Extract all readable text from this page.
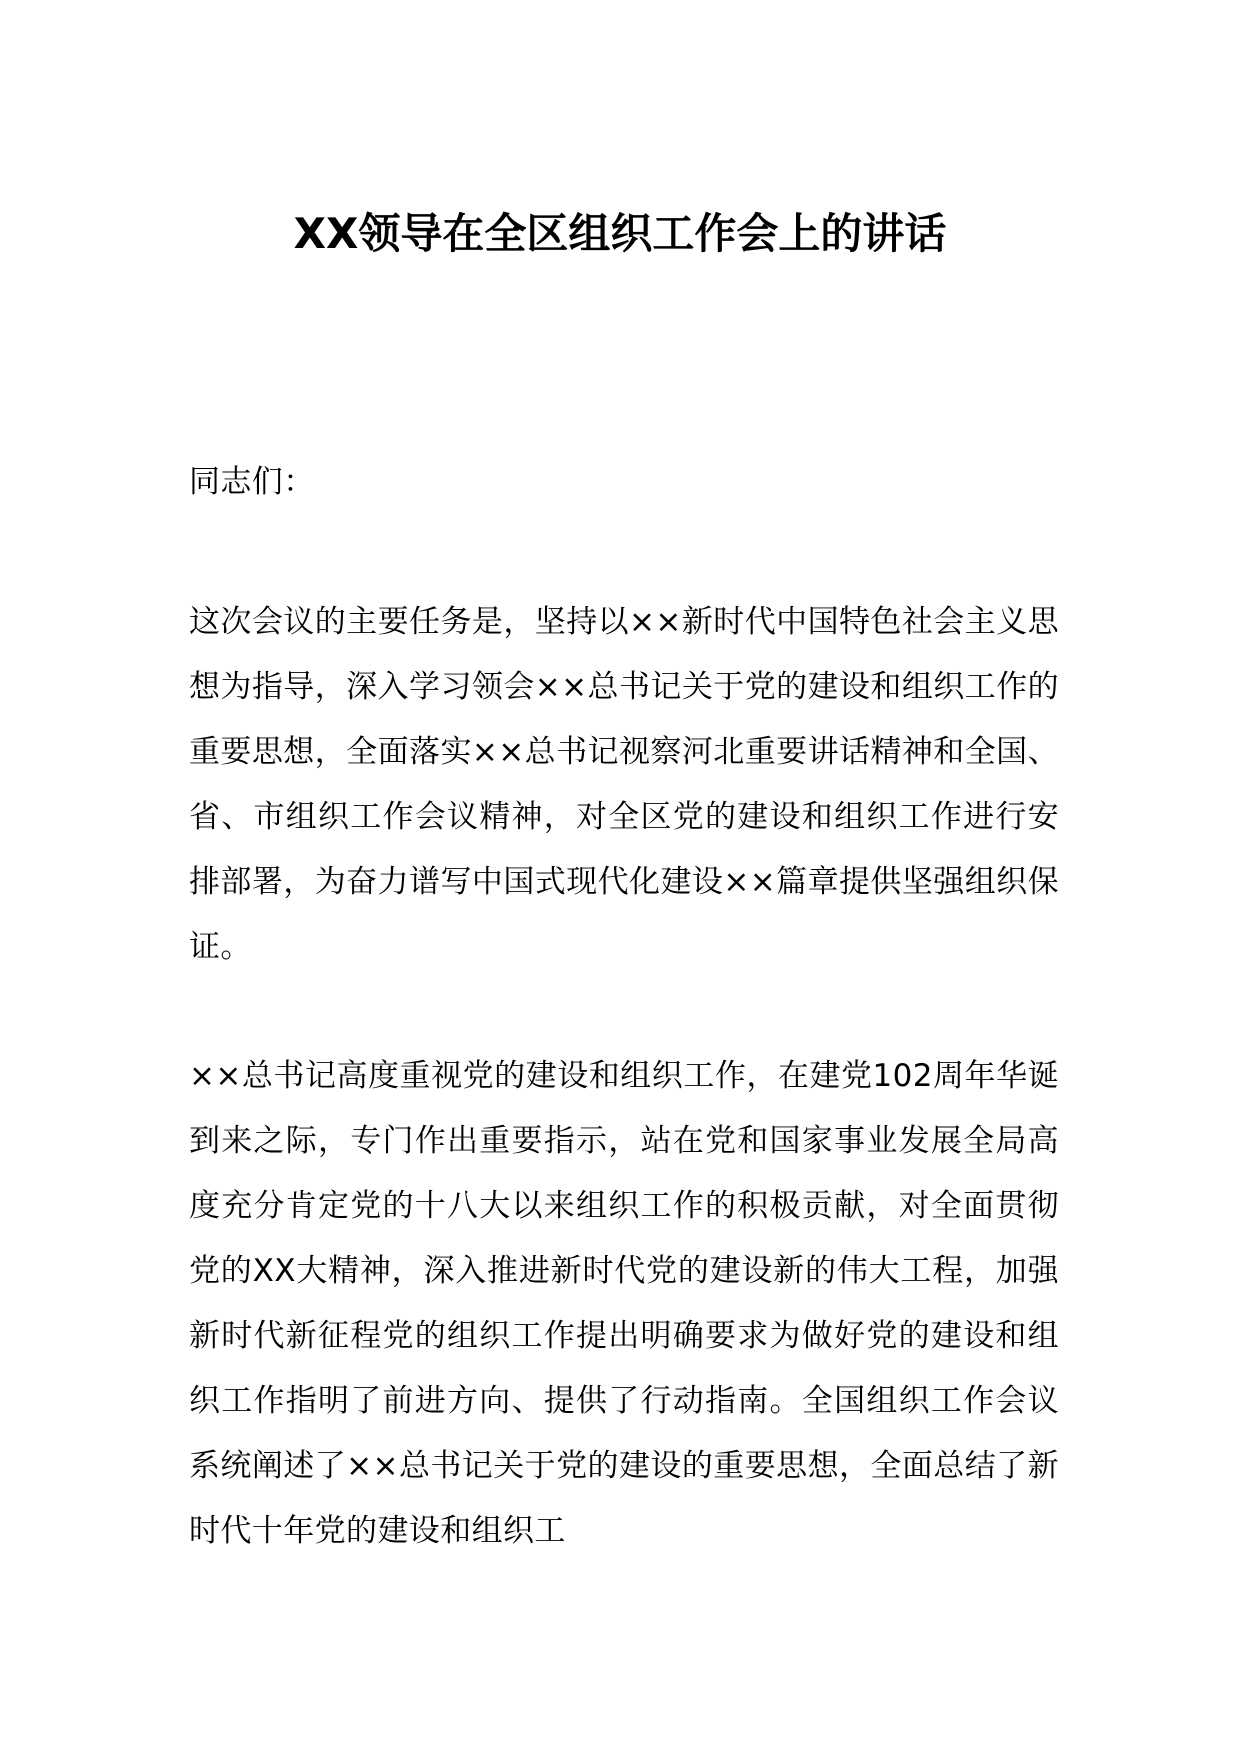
XX领导在全区组织工作会上的讲话

同志们：

这次会议的主要任务是，坚持以××新时代中国特色社会主义思想为指导，深入学习领会××总书记关于党的建设和组织工作的重要思想，全面落实××总书记视察河北重要讲话精神和全国、省、市组织工作会议精神，对全区党的建设和组织工作进行安排部署，为奋力谱写中国式现代化建设××篇章提供坚强组织保证。

××总书记高度重视党的建设和组织工作，在建党102周年华诞到来之际，专门作出重要指示，站在党和国家事业发展全局高度充分肯定党的十八大以来组织工作的积极贡献，对全面贯彻党的XX大精神，深入推进新时代党的建设新的伟大工程，加强新时代新征程党的组织工作提出明确要求为做好党的建设和组织工作指明了前进方向、提供了行动指南。全国组织工作会议系统阐述了××总书记关于党的建设的重要思想，全面总结了新时代十年党的建设和组织工
